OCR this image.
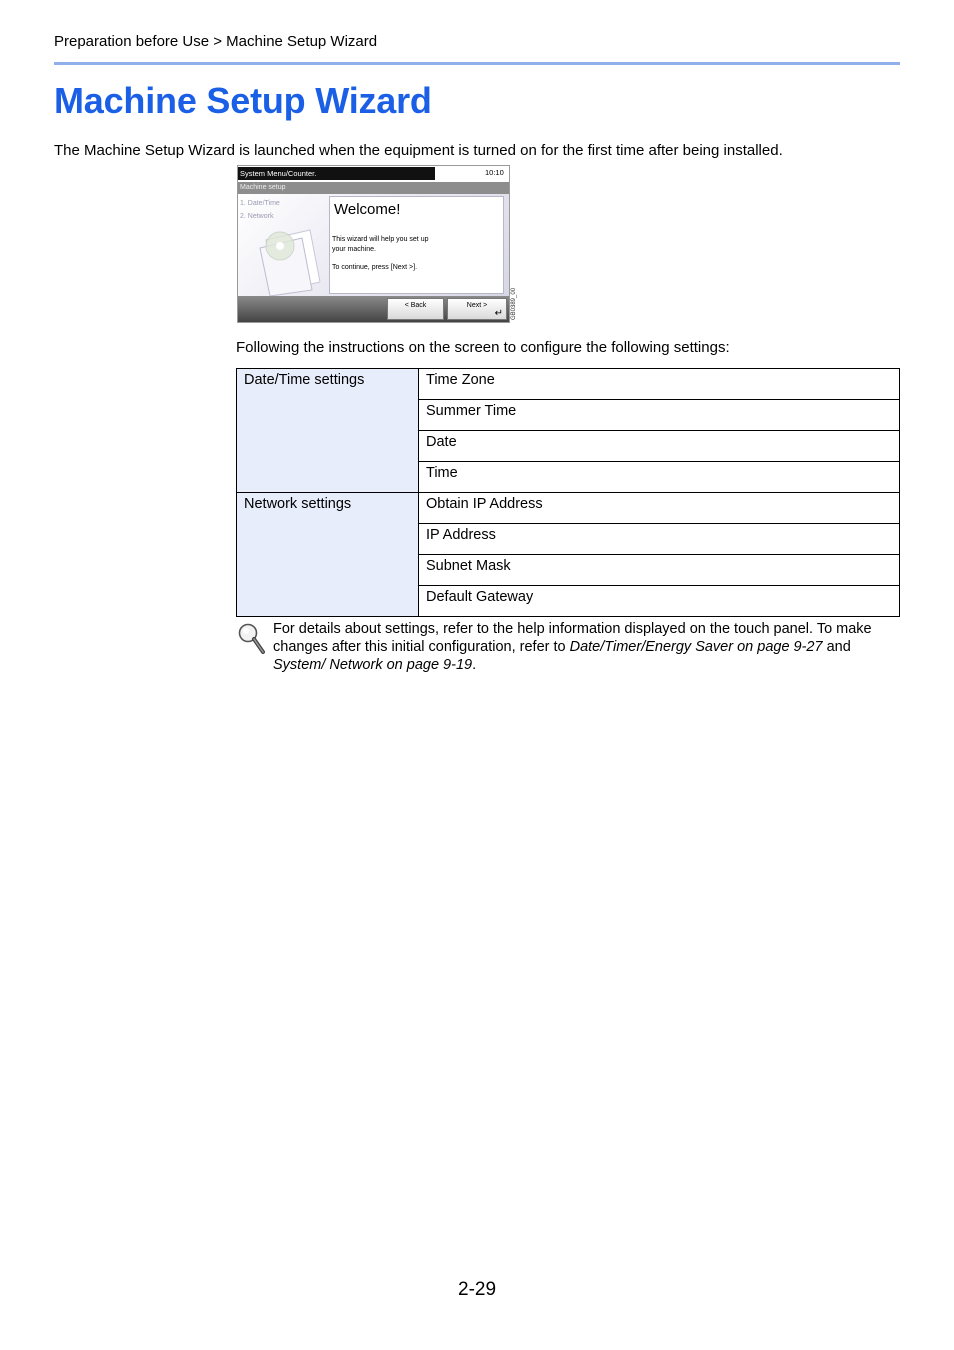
Preparation before Use > Machine Setup Wizard
Machine Setup Wizard
The Machine Setup Wizard is launched when the equipment is turned on for the first time after being installed.
System Menu/Counter.	10:10
Machine setup
1. Date/Time
2. Network	Welcome!
This wizard will help you set up
your machine.
To continue, press [Next >].
< Back	Next >
↵ GB0389_00
Following the instructions on the screen to configure the following settings:
Date/Time settings	Time Zone
	Summer Time
	Date
	Time
Network settings	Obtain IP Address
	IP Address
	Subnet Mask
	Default Gateway
For details about settings, refer to the help information displayed on the touch panel. To make changes after this initial configuration, refer to Date/Timer/Energy Saver on page 9-27 and System/ Network on page 9-19.
2-29
